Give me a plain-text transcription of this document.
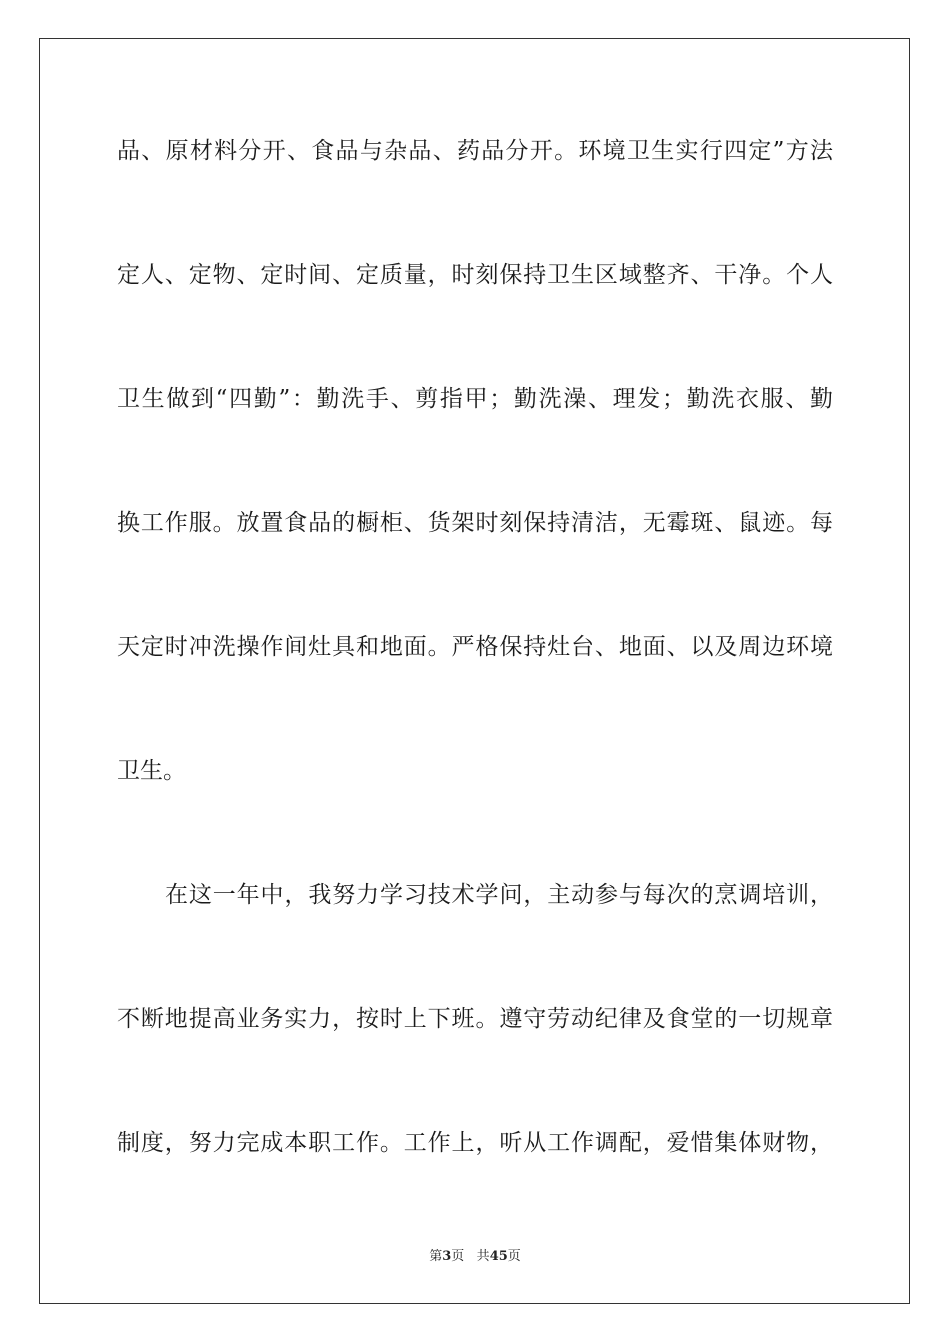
品、原材料分开、食品与杂品、药品分开。环境卫生实行四定”方法
定人、定物、定时间、定质量，时刻保持卫生区域整齐、干净。个人
卫生做到“四勤”：勤洗手、剪指甲；勤洗澡、理发；勤洗衣服、勤
换工作服。放置食品的橱柜、货架时刻保持清洁，无霉斑、鼠迹。每
天定时冲洗操作间灶具和地面。严格保持灶台、地面、以及周边环境
卫生。
在这一年中，我努力学习技术学问，主动参与每次的烹调培训，
不断地提高业务实力，按时上下班。遵守劳动纪律及食堂的一切规章
制度，努力完成本职工作。工作上，听从工作调配，爱惜集体财物，
第3页 共45页
